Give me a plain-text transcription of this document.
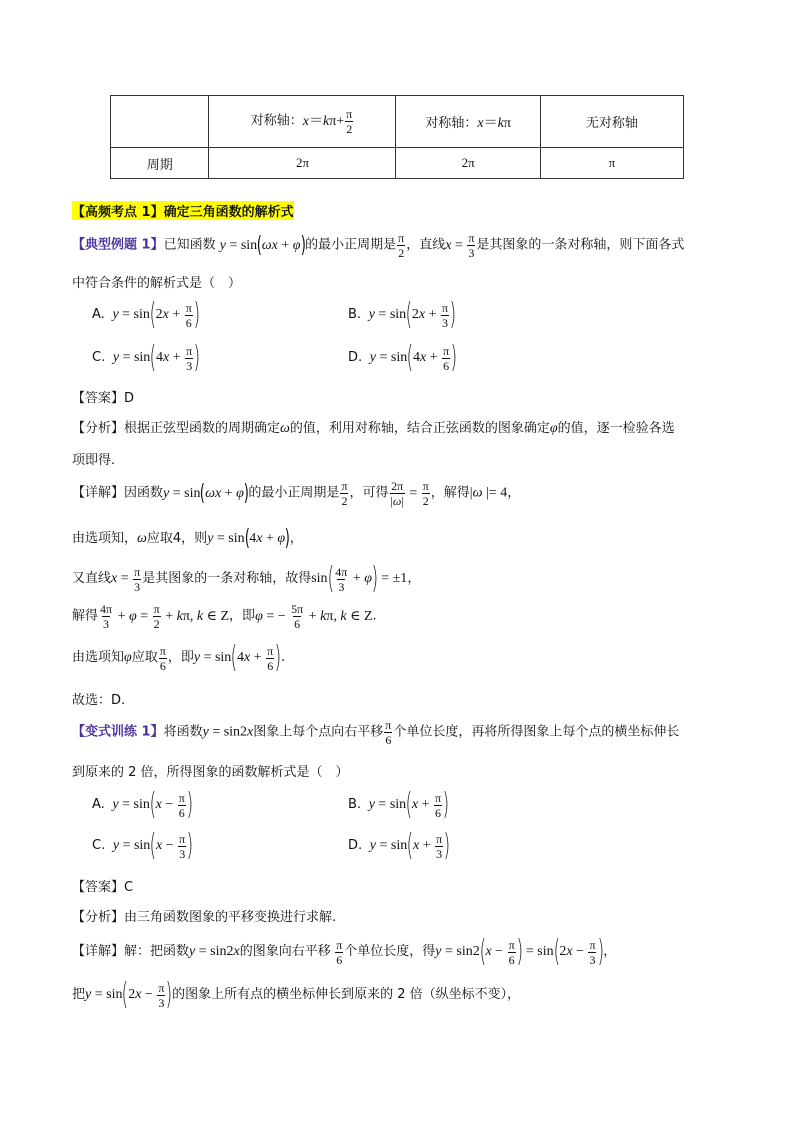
	对称轴：$x=k\pi+ \frac{\pi}{2}$	对称轴：x＝kπ	无对称轴
周期	2π	2π	π
【高频考点 1】确定三角函数的解析式
【典型例题 1】已知函数 y = sin(ωx + φ)的最小正周期是 $\frac{\pi}{2}$ ，直线$x = \frac{\pi}{3}$ 是其图象的一条对称轴，则下面各式
中符合条件的解析式是（　）
A. $y = \sin(2x + \frac{\pi}{6}$ )	B. $y = \sin(2x + \frac{\pi}{3}$ )
C. $y = \sin(4x + \frac{\pi}{3}$ )	D. $y = \sin(4x + \frac{\pi}{6}$ )
【答案】D
【分析】根据正弦型函数的周期确定ω的值，利用对称轴，结合正弦函数的图象确定φ的值，逐一检验各选
项即得.
【详解】因函数y = sin(ωx + φ)的最小正周期是 $\frac{\pi}{2}$ ，可得 $\frac{2\pi}{|\omega|} = \frac{\pi}{2}$ ，解得|ω |= 4，
由选项知，ω应取4，则y = sin(4x + φ)，
又直线$x = \frac{\pi}{3}$ 是其图象的一条对称轴，故得$\sin( \frac{4\pi}{3} + \varphi) = \pm 1$，
解得 $\frac{4\pi}{3} + \varphi = \frac{\pi}{2} + k\pi$, k ∈ Z，即φ = − $\frac{5\pi}{6} + k\pi$, k ∈ Z.
由选项知φ应取 $\frac{\pi}{6}$ ，即$y = \sin(4x + \frac{\pi}{6}$ ).
故选：D.
【变式训练 1】将函数y = sin2x图象上每个点向右平移 $\frac{\pi}{6}$ 个单位长度，再将所得图象上每个点的横坐标伸长
到原来的 2 倍，所得图象的函数解析式是（　）
A. $y = \sin(x - \frac{\pi}{6}$ )	B. $y = \sin(x + \frac{\pi}{6}$ )
C. $y = \sin(x - \frac{\pi}{3}$ )	D. $y = \sin(x + \frac{\pi}{3}$ )
【答案】C
【分析】由三角函数图象的平移变换进行求解.
【详解】解：把函数y = sin2x的图象向右平移 $\frac{\pi}{6}$ 个单位长度，得$y = \sin 2(x - \frac{\pi}{6}$ ) = $\sin(2x - \frac{\pi}{3}$ )，
把$y = \sin(2x - \frac{\pi}{3}$ )的图象上所有点的横坐标伸长到原来的 2 倍（纵坐标不变），
